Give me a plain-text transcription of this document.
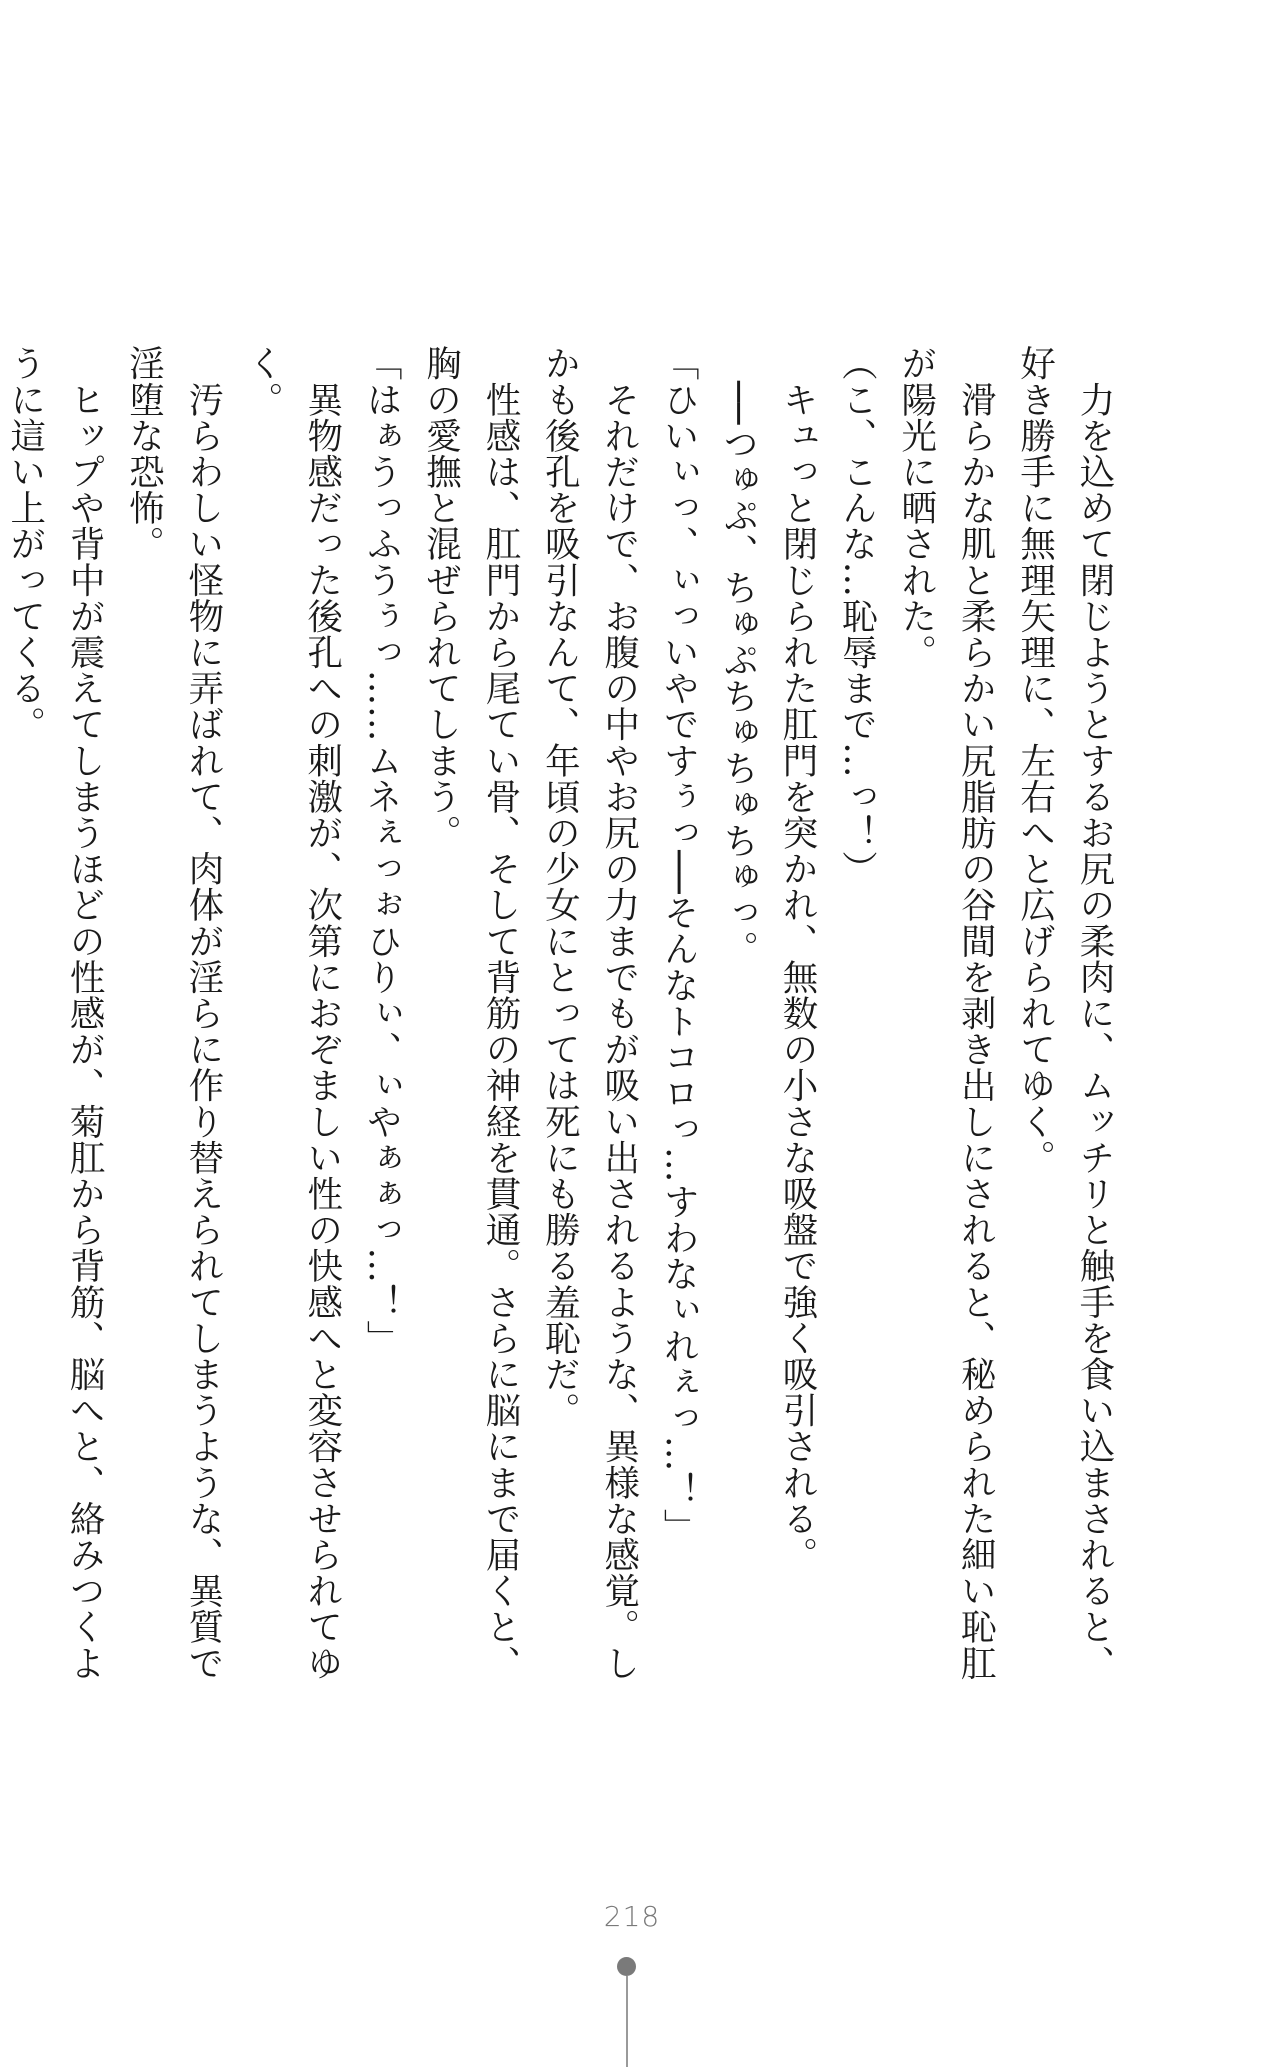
　力を込めて閉じようとするお尻の柔肉に、ムッチリと触手を食い込まされると、好き勝手に無理矢理に、左右へと広げられてゆく。

　滑らかな肌と柔らかい尻脂肪の谷間を剥き出しにされると、秘められた細い恥肛が陽光に晒された。

（こ、こんな…恥辱まで…っ！）

　キュっと閉じられた肛門を突かれ、無数の小さな吸盤で強く吸引される。

　──つゅぷ、ちゅぷちゅちゅちゅっ。

「ひいぃっ、ぃっいやですぅっ──そんなトコロっ…すわなぃれぇっ…！」

　それだけで、お腹の中やお尻の力までもが吸い出されるような、異様な感覚。しかも後孔を吸引なんて、年頃の少女にとっては死にも勝る羞恥だ。

　性感は、肛門から尾てい骨、そして背筋の神経を貫通。さらに脳にまで届くと、胸の愛撫と混ぜられてしまう。

「はぁうっふうぅっ……ムネぇっぉひりぃ、ぃやぁぁっ…！」

　異物感だった後孔への刺激が、次第におぞましい性の快感へと変容させられてゆく。

　汚らわしい怪物に弄ばれて、肉体が淫らに作り替えられてしまうような、異質で淫堕な恐怖。

　ヒップや背中が震えてしまうほどの性感が、菊肛から背筋、脳へと、絡みつくように這い上がってくる。

218
